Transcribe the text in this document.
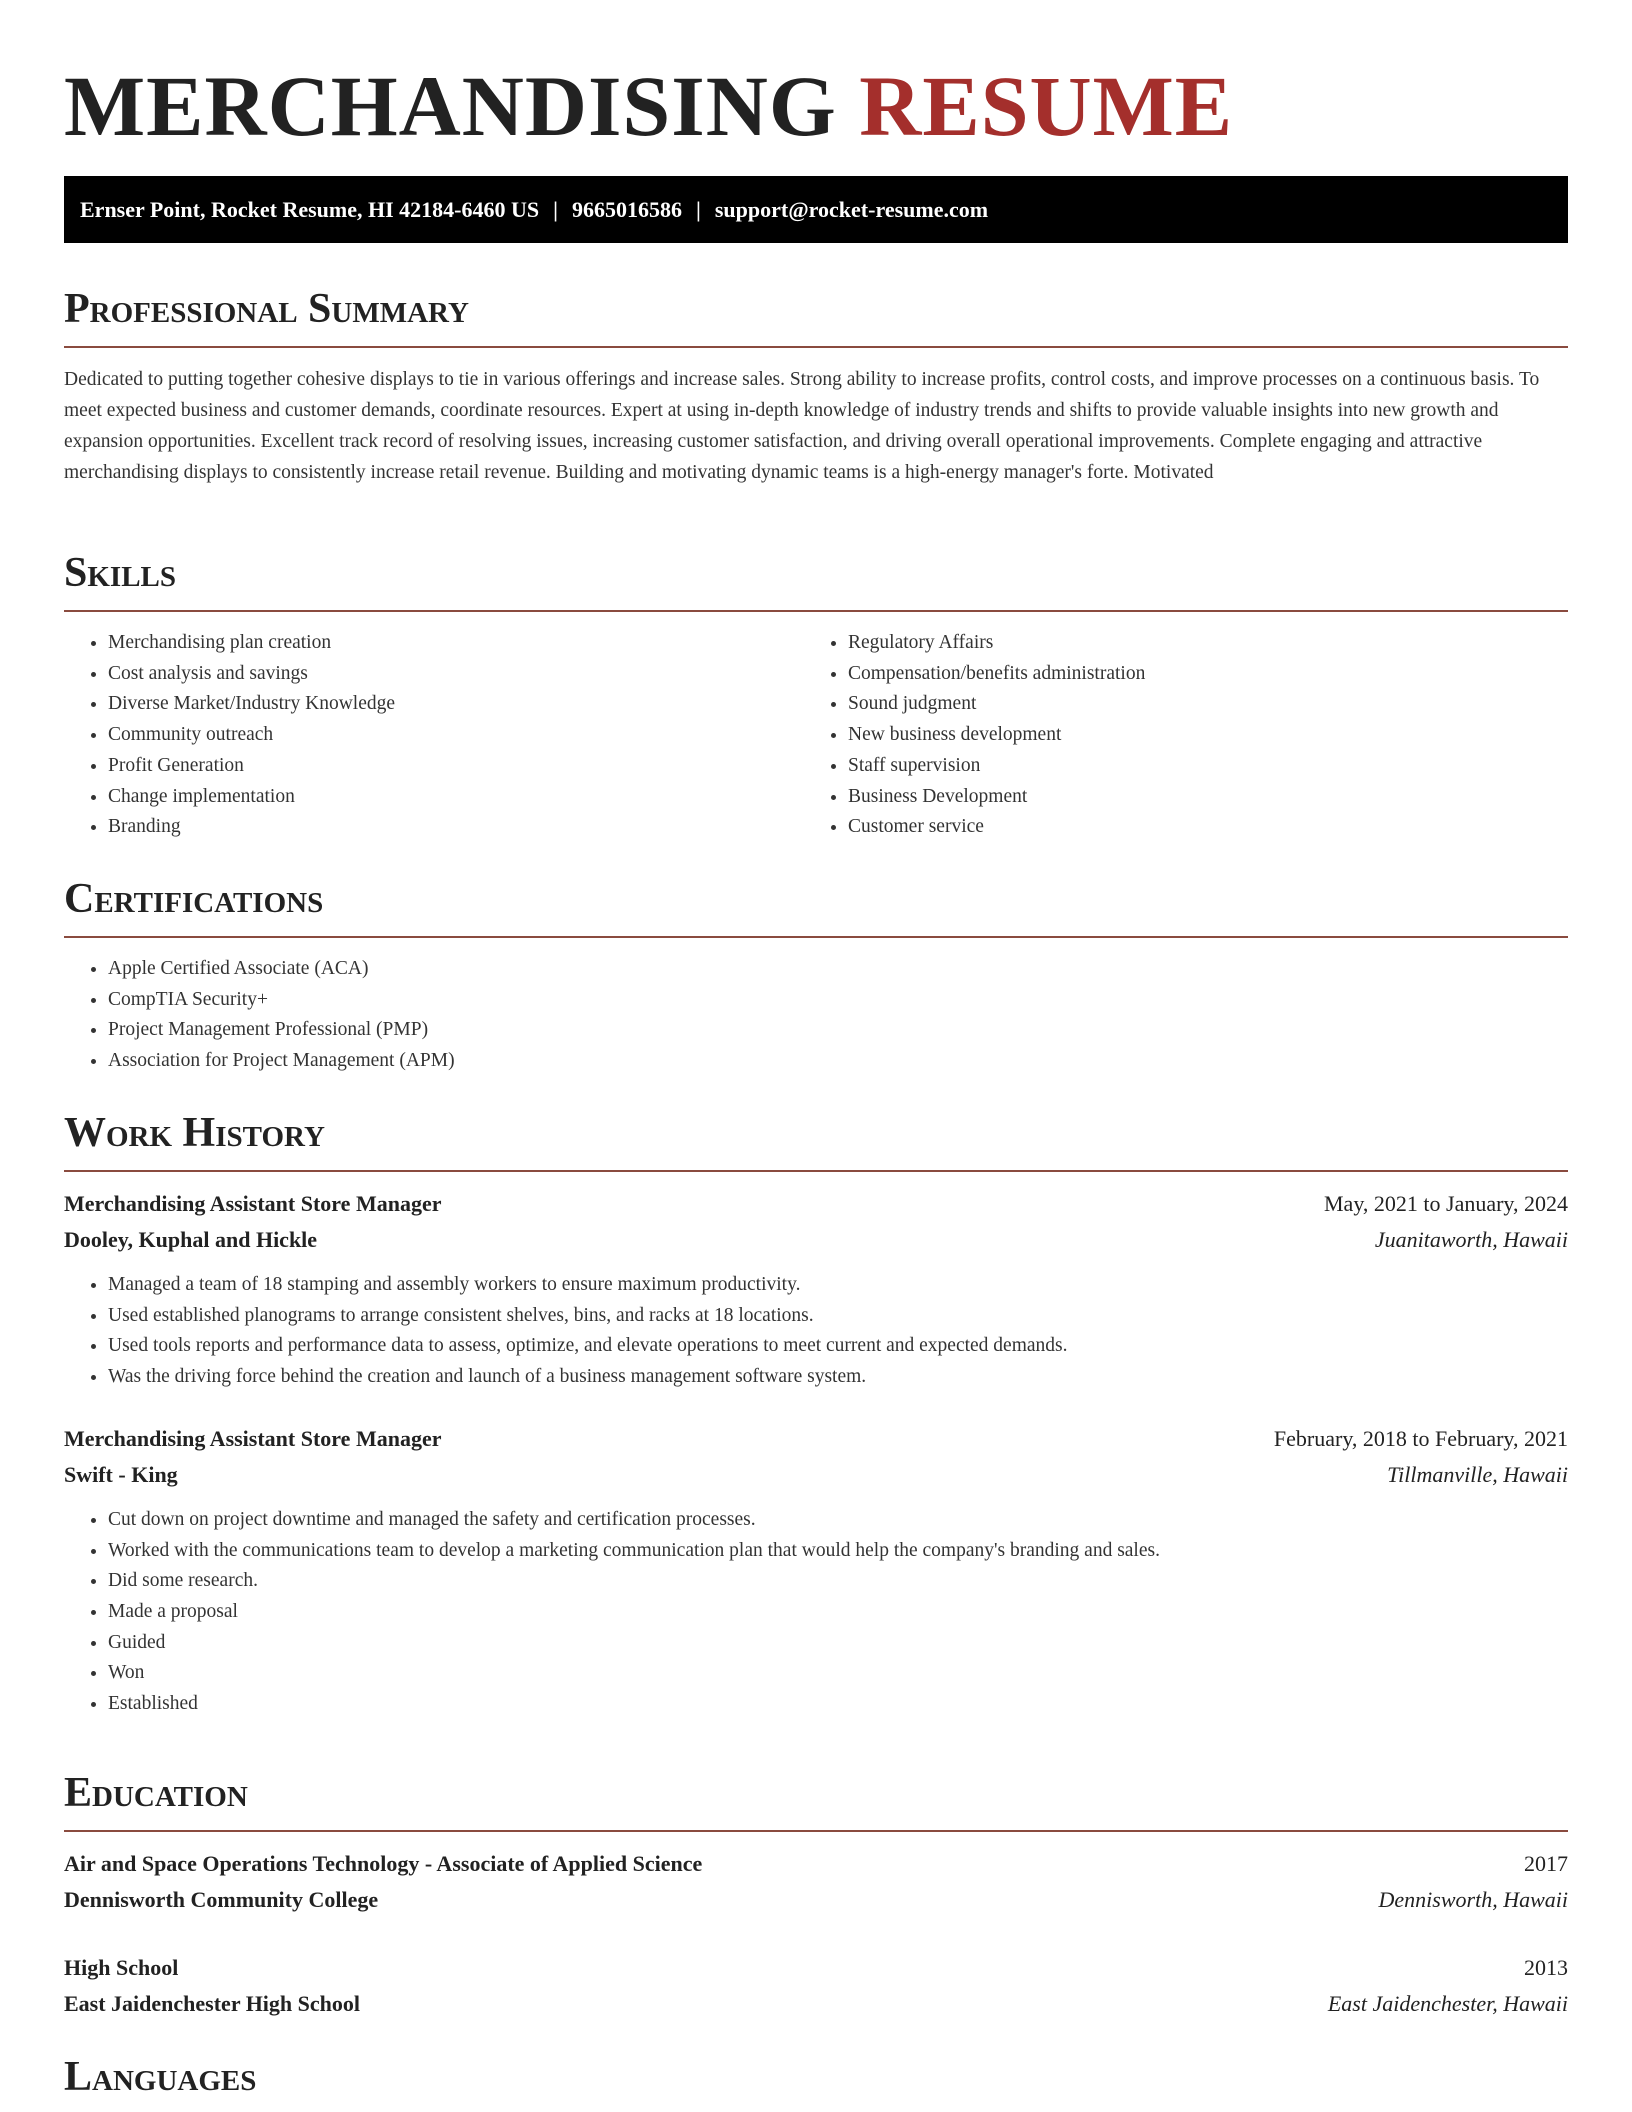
MERCHANDISING RESUME
Ernser Point, Rocket Resume, HI 42184-6460 US | 9665016586 | support@rocket-resume.com
Professional Summary

Dedicated to putting together cohesive displays to tie in various offerings and increase sales. Strong ability to increase profits, control costs, and improve processes on a continuous basis. To meet expected business and customer demands, coordinate resources. Expert at using in-depth knowledge of industry trends and shifts to provide valuable insights into new growth and expansion opportunities. Excellent track record of resolving issues, increasing customer satisfaction, and driving overall operational improvements. Complete engaging and attractive merchandising displays to consistently increase retail revenue. Building and motivating dynamic teams is a high-energy manager's forte. Motivated

Skills
• Merchandising plan creation
• Cost analysis and savings
• Diverse Market/Industry Knowledge
• Community outreach
• Profit Generation
• Change implementation
• Branding
• Regulatory Affairs
• Compensation/benefits administration
• Sound judgment
• New business development
• Staff supervision
• Business Development
• Customer service
Certifications
• Apple Certified Associate (ACA)
• CompTIA Security+
• Project Management Professional (PMP)
• Association for Project Management (APM)
Work History
Merchandising Assistant Store Manager	May, 2021 to January, 2024
Dooley, Kuphal and Hickle	Juanitaworth, Hawaii
• Managed a team of 18 stamping and assembly workers to ensure maximum productivity.
• Used established planograms to arrange consistent shelves, bins, and racks at 18 locations.
• Used tools reports and performance data to assess, optimize, and elevate operations to meet current and expected demands.
• Was the driving force behind the creation and launch of a business management software system.
Merchandising Assistant Store Manager	February, 2018 to February, 2021
Swift - King	Tillmanville, Hawaii
• Cut down on project downtime and managed the safety and certification processes.
• Worked with the communications team to develop a marketing communication plan that would help the company's branding and sales.
• Did some research.
• Made a proposal
• Guided
• Won
• Established
Education
Air and Space Operations Technology - Associate of Applied Science	2017
Dennisworth Community College	Dennisworth, Hawaii
High School	2013
East Jaidenchester High School	East Jaidenchester, Hawaii
Languages
